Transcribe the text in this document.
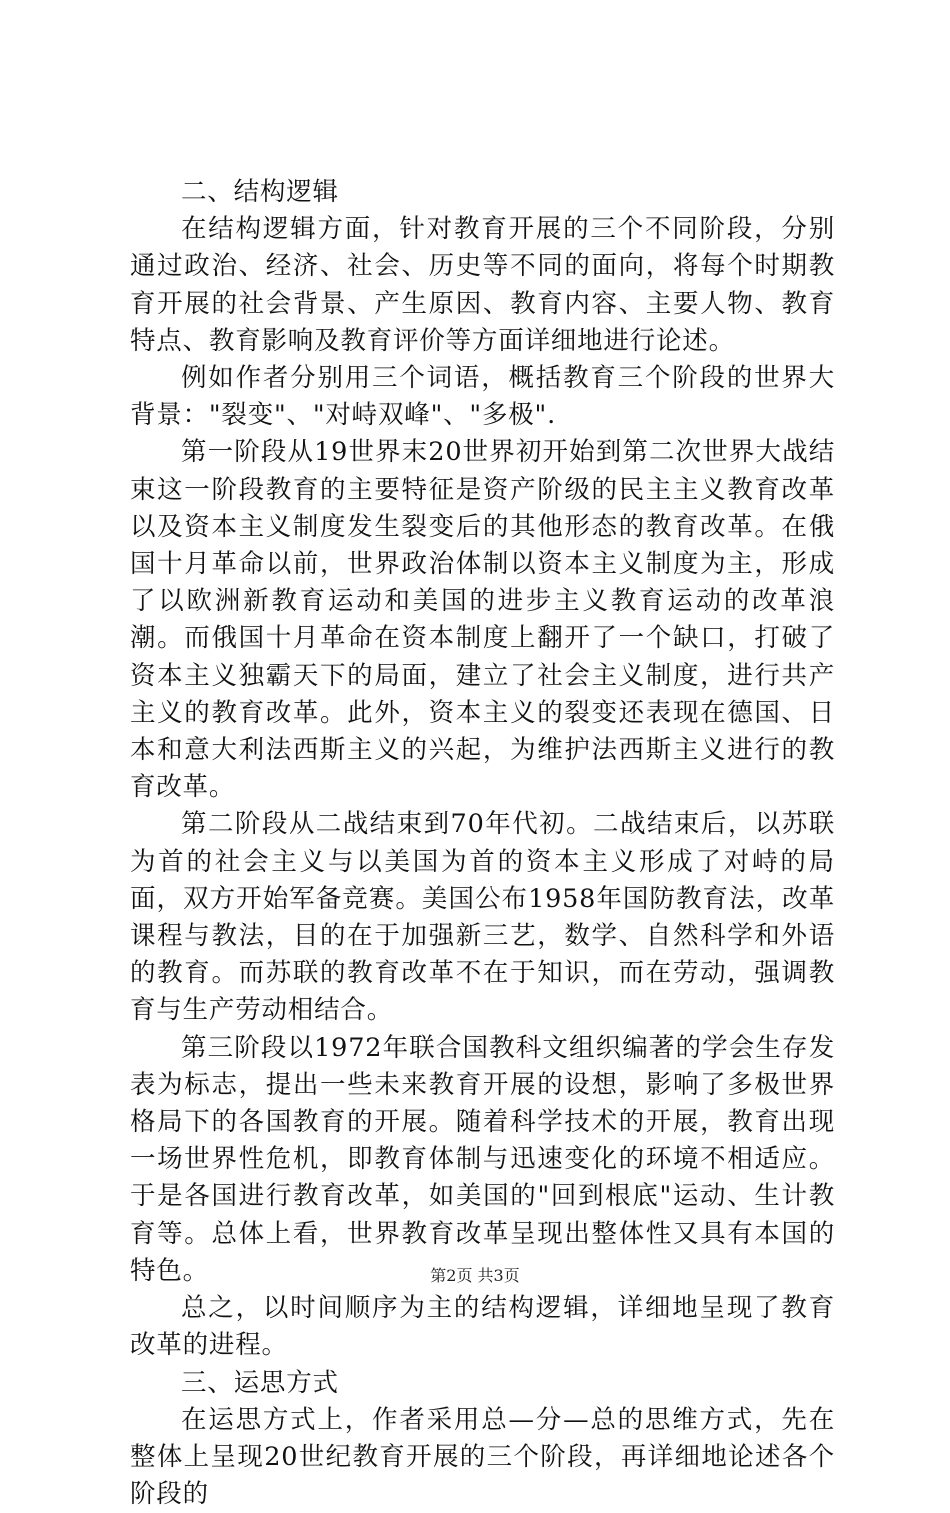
二、结构逻辑

在结构逻辑方面，针对教育开展的三个不同阶段，分别通过政治、经济、社会、历史等不同的面向，将每个时期教育开展的社会背景、产生原因、教育内容、主要人物、教育特点、教育影响及教育评价等方面详细地进行论述。

例如作者分别用三个词语，概括教育三个阶段的世界大背景："裂变"、"对峙双峰"、"多极".

第一阶段从19世界末20世界初开始到第二次世界大战结束这一阶段教育的主要特征是资产阶级的民主主义教育改革以及资本主义制度发生裂变后的其他形态的教育改革。在俄国十月革命以前，世界政治体制以资本主义制度为主，形成了以欧洲新教育运动和美国的进步主义教育运动的改革浪潮。而俄国十月革命在资本制度上翻开了一个缺口，打破了资本主义独霸天下的局面，建立了社会主义制度，进行共产主义的教育改革。此外，资本主义的裂变还表现在德国、日本和意大利法西斯主义的兴起，为维护法西斯主义进行的教育改革。

第二阶段从二战结束到70年代初。二战结束后，以苏联为首的社会主义与以美国为首的资本主义形成了对峙的局面，双方开始军备竞赛。美国公布1958年国防教育法，改革课程与教法，目的在于加强新三艺，数学、自然科学和外语的教育。而苏联的教育改革不在于知识，而在劳动，强调教育与生产劳动相结合。

第三阶段以1972年联合国教科文组织编著的学会生存发表为标志，提出一些未来教育开展的设想，影响了多极世界格局下的各国教育的开展。随着科学技术的开展，教育出现一场世界性危机，即教育体制与迅速变化的环境不相适应。于是各国进行教育改革，如美国的"回到根底"运动、生计教育等。总体上看，世界教育改革呈现出整体性又具有本国的特色。

总之，以时间顺序为主的结构逻辑，详细地呈现了教育改革的进程。

三、运思方式

在运思方式上，作者采用总—分—总的思维方式，先在整体上呈现20世纪教育开展的三个阶段，再详细地论述各个阶段的

第2页 共3页
